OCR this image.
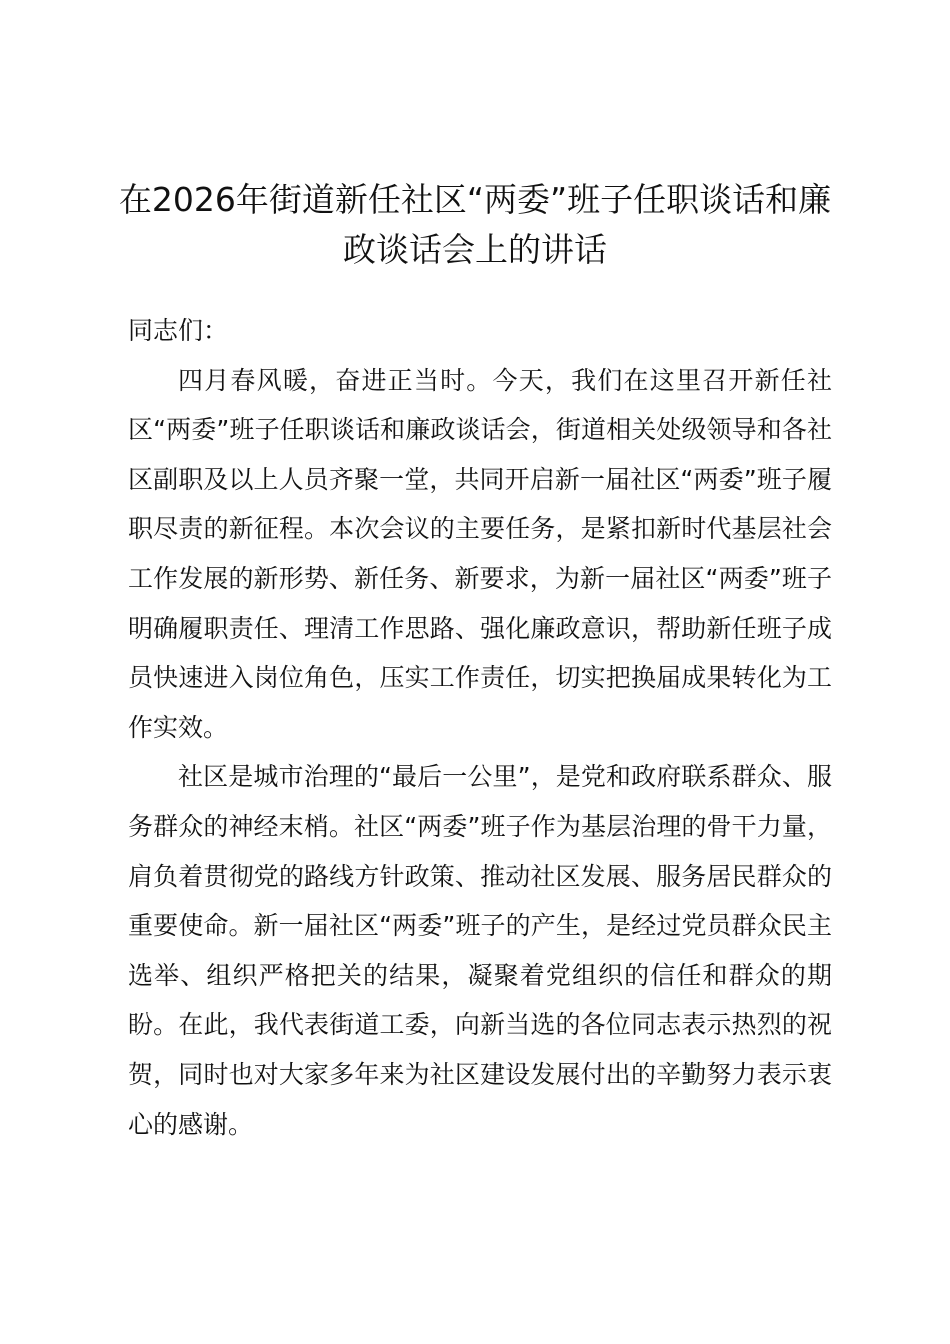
在2026年街道新任社区“两委”班子任职谈话和廉政谈话会上的讲话

同志们：

四月春风暖，奋进正当时。今天，我们在这里召开新任社区“两委”班子任职谈话和廉政谈话会，街道相关处级领导和各社区副职及以上人员齐聚一堂，共同开启新一届社区“两委”班子履职尽责的新征程。本次会议的主要任务，是紧扣新时代基层社会工作发展的新形势、新任务、新要求，为新一届社区“两委”班子明确履职责任、理清工作思路、强化廉政意识，帮助新任班子成员快速进入岗位角色，压实工作责任，切实把换届成果转化为工作实效。

社区是城市治理的“最后一公里”，是党和政府联系群众、服务群众的神经末梢。社区“两委”班子作为基层治理的骨干力量，肩负着贯彻党的路线方针政策、推动社区发展、服务居民群众的重要使命。新一届社区“两委”班子的产生，是经过党员群众民主选举、组织严格把关的结果，凝聚着党组织的信任和群众的期盼。在此，我代表街道工委，向新当选的各位同志表示热烈的祝贺，同时也对大家多年来为社区建设发展付出的辛勤努力表示衷心的感谢。
